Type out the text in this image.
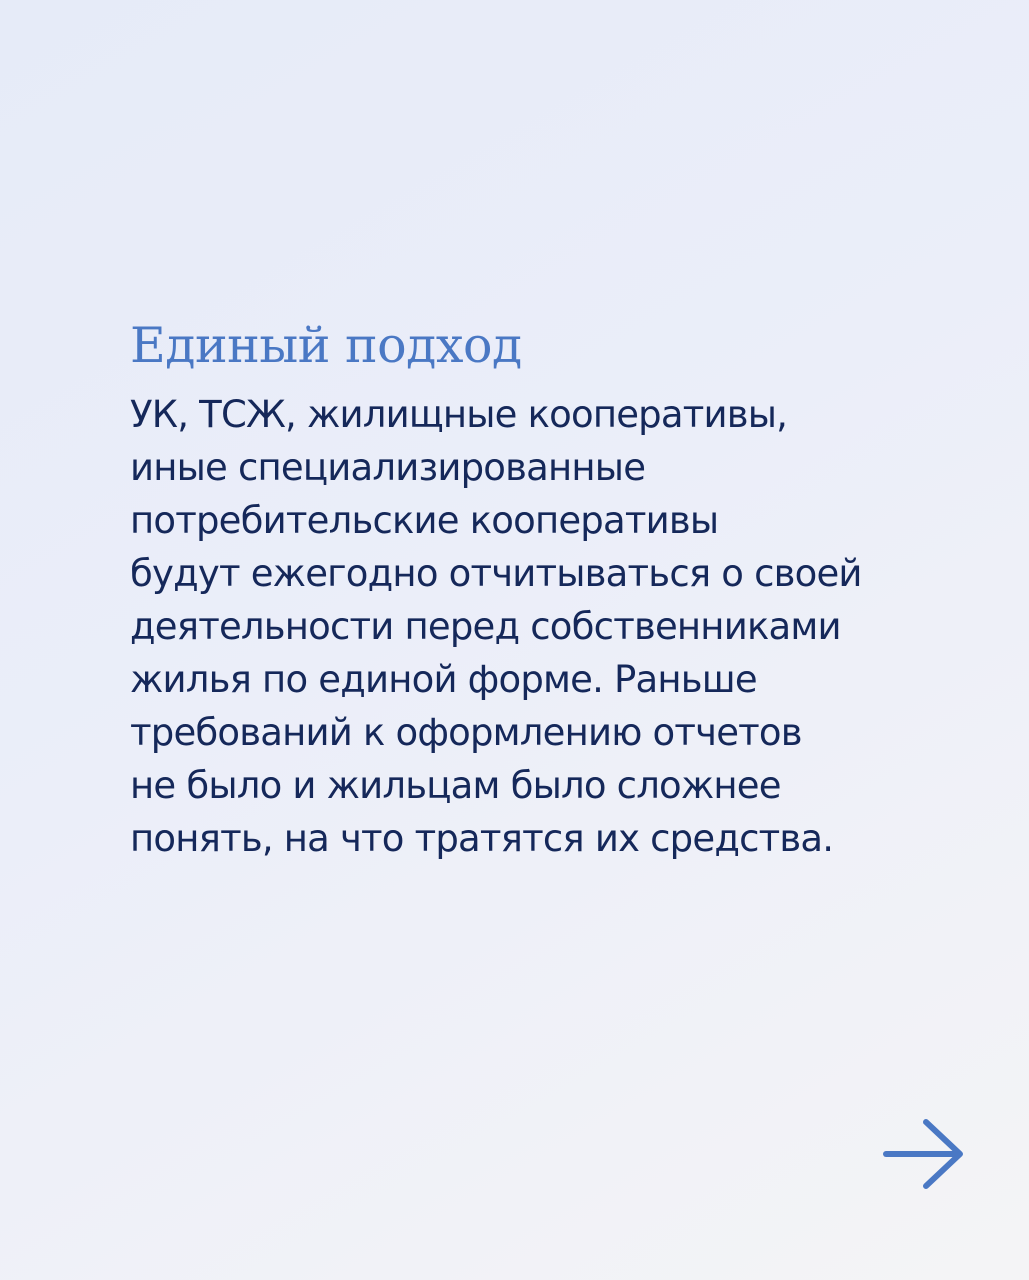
Единый подход

УК, ТСЖ, жилищные кооперативы,
иные специализированные
потребительские кооперативы
будут ежегодно отчитываться о своей
деятельности перед собственниками
жилья по единой форме. Раньше
требований к оформлению отчетов
не было и жильцам было сложнее
понять, на что тратятся их средства.
